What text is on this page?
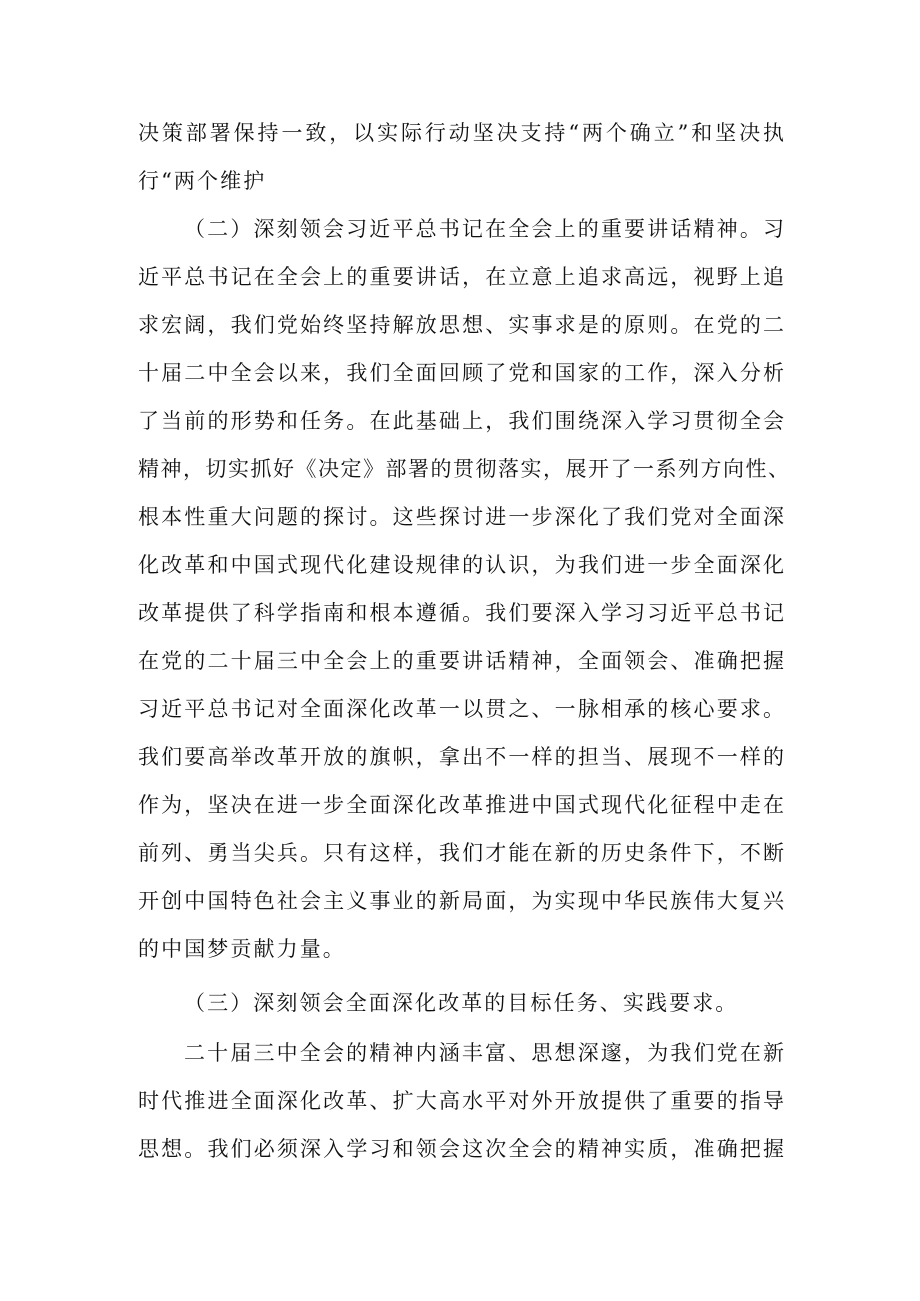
决策部署保持一致，以实际行动坚决支持“两个确立”和坚决执
行“两个维护
（二）深刻领会习近平总书记在全会上的重要讲话精神。习
近平总书记在全会上的重要讲话，在立意上追求高远，视野上追
求宏阔，我们党始终坚持解放思想、实事求是的原则。在党的二
十届二中全会以来，我们全面回顾了党和国家的工作，深入分析
了当前的形势和任务。在此基础上，我们围绕深入学习贯彻全会
精神，切实抓好《决定》部署的贯彻落实，展开了一系列方向性、
根本性重大问题的探讨。这些探讨进一步深化了我们党对全面深
化改革和中国式现代化建设规律的认识，为我们进一步全面深化
改革提供了科学指南和根本遵循。我们要深入学习习近平总书记
在党的二十届三中全会上的重要讲话精神，全面领会、准确把握
习近平总书记对全面深化改革一以贯之、一脉相承的核心要求。
我们要高举改革开放的旗帜，拿出不一样的担当、展现不一样的
作为，坚决在进一步全面深化改革推进中国式现代化征程中走在
前列、勇当尖兵。只有这样，我们才能在新的历史条件下，不断
开创中国特色社会主义事业的新局面，为实现中华民族伟大复兴
的中国梦贡献力量。
（三）深刻领会全面深化改革的目标任务、实践要求。
二十届三中全会的精神内涵丰富、思想深邃，为我们党在新
时代推进全面深化改革、扩大高水平对外开放提供了重要的指导
思想。我们必须深入学习和领会这次全会的精神实质，准确把握
